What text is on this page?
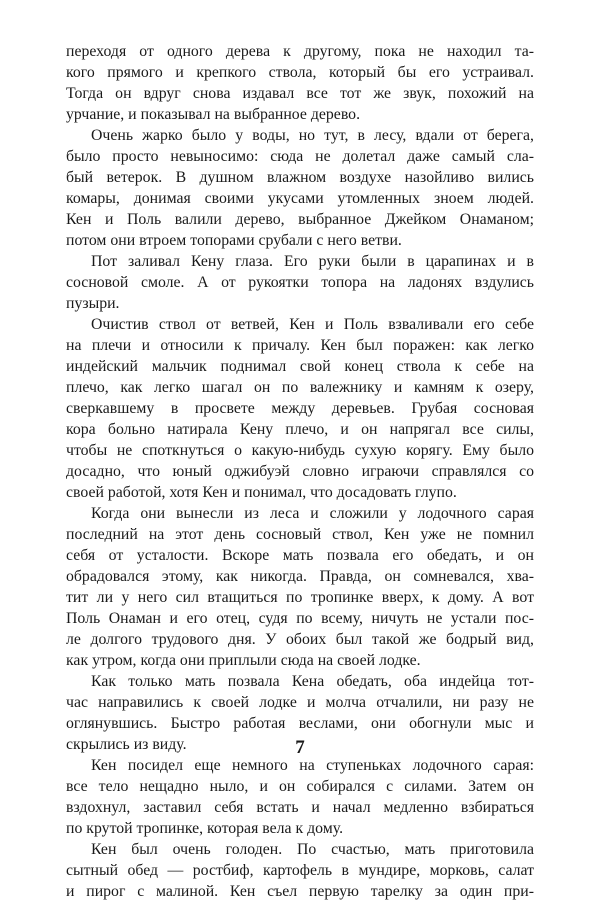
переходя от одного дерева к другому, пока не находил та-
кого прямого и крепкого ствола, который бы его устраивал.
Тогда он вдруг снова издавал все тот же звук, похожий на
урчание, и показывал на выбранное дерево.

Очень жарко было у воды, но тут, в лесу, вдали от берега,
было просто невыносимо: сюда не долетал даже самый сла-
бый ветерок. В душном влажном воздухе назойливо вились
комары, донимая своими укусами утомленных зноем людей.
Кен и Поль валили дерево, выбранное Джейком Онаманом;
потом они втроем топорами срубали с него ветви.

Пот заливал Кену глаза. Его руки были в царапинах и в
сосновой смоле. А от рукоятки топора на ладонях вздулись
пузыри.

Очистив ствол от ветвей, Кен и Поль взваливали его себе
на плечи и относили к причалу. Кен был поражен: как легко
индейский мальчик поднимал свой конец ствола к себе на
плечо, как легко шагал он по валежнику и камням к озеру,
сверкавшему в просвете между деревьев. Грубая сосновая
кора больно натирала Кену плечо, и он напрягал все силы,
чтобы не споткнуться о какую-нибудь сухую корягу. Ему было
досадно, что юный оджибуэй словно играючи справлялся со
своей работой, хотя Кен и понимал, что досадовать глупо.

Когда они вынесли из леса и сложили у лодочного сарая
последний на этот день сосновый ствол, Кен уже не помнил
себя от усталости. Вскоре мать позвала его обедать, и он
обрадовался этому, как никогда. Правда, он сомневался, хва-
тит ли у него сил втащиться по тропинке вверх, к дому. А вот
Поль Онаман и его отец, судя по всему, ничуть не устали пос-
ле долгого трудового дня. У обоих был такой же бодрый вид,
как утром, когда они приплыли сюда на своей лодке.

Как только мать позвала Кена обедать, оба индейца тот-
час направились к своей лодке и молча отчалили, ни разу не
оглянувшись. Быстро работая веслами, они обогнули мыс и
скрылись из виду.

Кен посидел еще немного на ступеньках лодочного сарая:
все тело нещадно ныло, и он собирался с силами. Затем он
вздохнул, заставил себя встать и начал медленно взбираться
по крутой тропинке, которая вела к дому.

Кен был очень голоден. По счастью, мать приготовила
сытный обед — ростбиф, картофель в мундире, морковь, салат
и пирог с малиной. Кен съел первую тарелку за один при-

7
